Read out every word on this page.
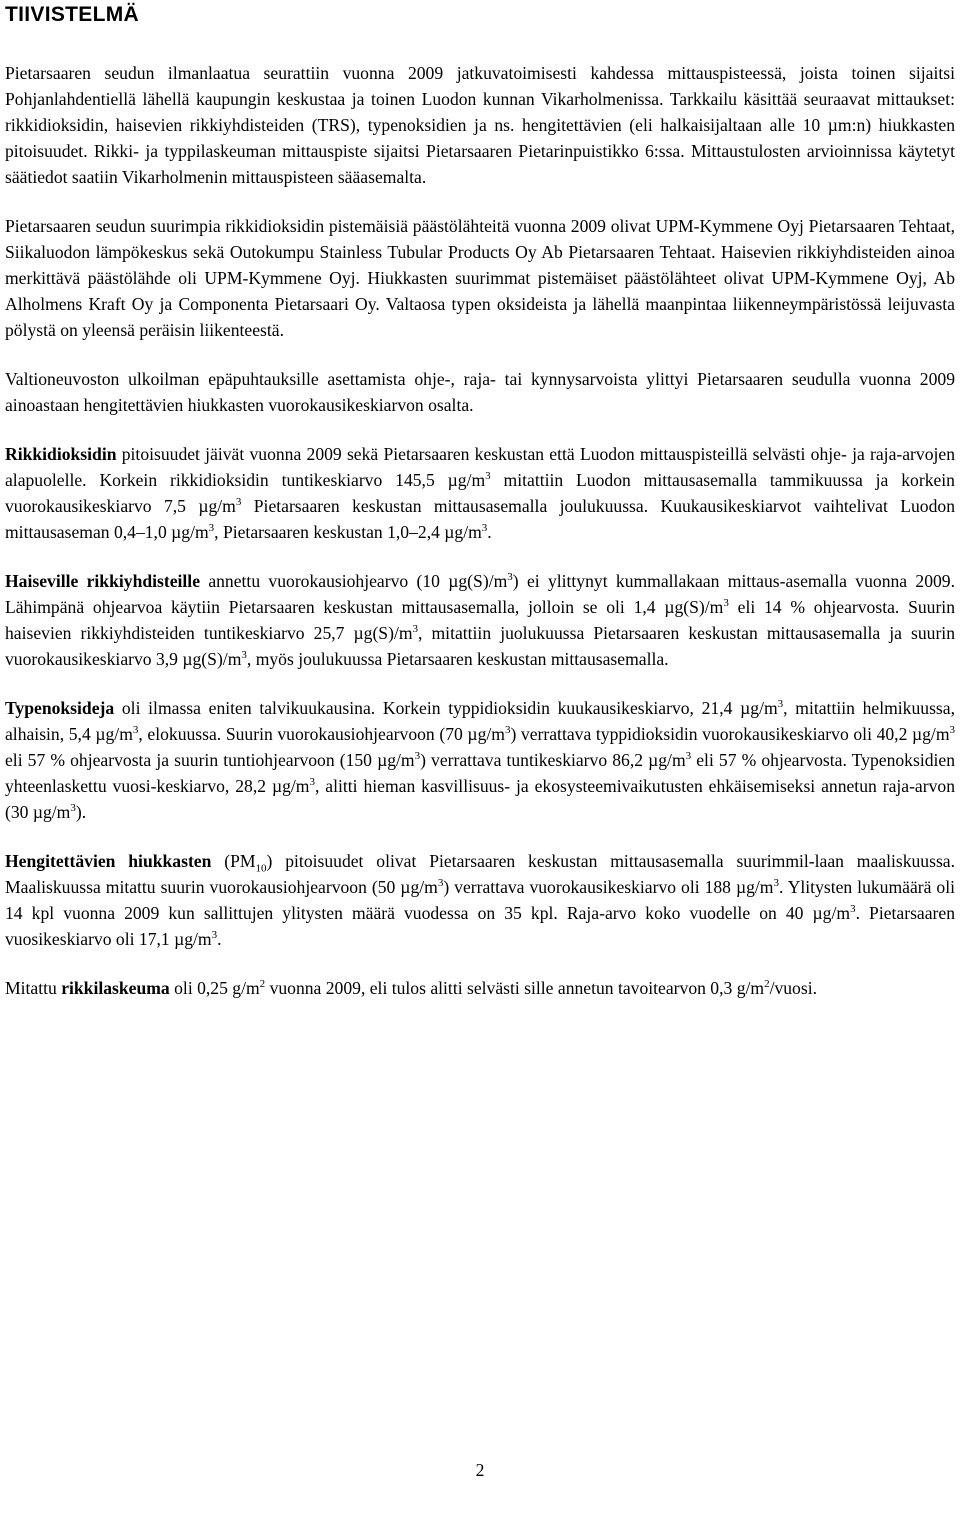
TIIVISTELMÄ

Pietarsaaren seudun ilmanlaatua seurattiin vuonna 2009 jatkuvatoimisesti kahdessa mittauspisteessä, joista toinen sijaitsi Pohjanlahdentiellä lähellä kaupungin keskustaa ja toinen Luodon kunnan Vikarholmenissa. Tarkkailu käsittää seuraavat mittaukset: rikkidioksidin, haisevien rikkiyhdisteiden (TRS), typenoksidien ja ns. hengitettävien (eli halkaisijaltaan alle 10 µm:n) hiukkasten pitoisuudet. Rikki- ja typpilaskeuman mittauspiste sijaitsi Pietarsaaren Pietarinpuistikko 6:ssa. Mittaustulosten arvioinnissa käytetyt säätiedot saatiin Vikarholmenin mittauspisteen sääasemalta.

Pietarsaaren seudun suurimpia rikkidioksidin pistemäisiä päästölähteitä vuonna 2009 olivat UPM-Kymmene Oyj Pietarsaaren Tehtaat, Siikaluodon lämpökeskus sekä Outokumpu Stainless Tubular Products Oy Ab Pietarsaaren Tehtaat. Haisevien rikkiyhdisteiden ainoa merkittävä päästölähde oli UPM-Kymmene Oyj. Hiukkasten suurimmat pistemäiset päästölähteet olivat UPM-Kymmene Oyj, Ab Alholmens Kraft Oy ja Componenta Pietarsaari Oy. Valtaosa typen oksideista ja lähellä maanpintaa liikenneympäristössä leijuvasta pölystä on yleensä peräisin liikenteestä.

Valtioneuvoston ulkoilman epäpuhtauksille asettamista ohje-, raja- tai kynnysarvoista ylittyi Pietarsaaren seudulla vuonna 2009 ainoastaan hengitettävien hiukkasten vuorokausikeskiarvon osalta.

Rikkidioksidin pitoisuudet jäivät vuonna 2009 sekä Pietarsaaren keskustan että Luodon mittauspisteillä selvästi ohje- ja raja-arvojen alapuolelle. Korkein rikkidioksidin tuntikeskiarvo 145,5 $\mu g/m^3$ mitattiin Luodon mittausasemalla tammikuussa ja korkein vuorokausikeskiarvo 7,5 $\mu g/m^3$ Pietarsaaren keskustan mittausasemalla joulukuussa. Kuukausikeskiarvot vaihtelivat Luodon mittausaseman 0,4–1,0 $\mu g/m^3$, Pietarsaaren keskustan 1,0–2,4 $\mu g/m^3$.

Haiseville rikkiyhdisteille annettu vuorokausiohjearvo (10 $\mu g(S)/m^3$) ei ylittynyt kummallakaan mittaus-asemalla vuonna 2009. Lähimpänä ohjearvoa käytiin Pietarsaaren keskustan mittausasemalla, jolloin se oli 1,4 $\mu g(S)/m^3$ eli 14 % ohjearvosta. Suurin haisevien rikkiyhdisteiden tuntikeskiarvo 25,7 $\mu g(S)/m^3$, mitattiin juolukuussa Pietarsaaren keskustan mittausasemalla ja suurin vuorokausikeskiarvo 3,9 $\mu g(S)/m^3$, myös joulukuussa Pietarsaaren keskustan mittausasemalla.

Typenoksideja oli ilmassa eniten talvikuukausina. Korkein typpidioksidin kuukausikeskiarvo, 21,4 $\mu g/m^3$, mitattiin helmikuussa, alhaisin, 5,4 $\mu g/m^3$, elokuussa. Suurin vuorokausiohjearvoon (70 $\mu g/m^3$) verrattava typpidioksidin vuorokausikeskiarvo oli 40,2 $\mu g/m^3$ eli 57 % ohjearvosta ja suurin tuntiohjearvoon (150 $\mu g/m^3$) verrattava tuntikeskiarvo 86,2 $\mu g/m^3$ eli 57 % ohjearvosta. Typenoksidien yhteenlaskettu vuosi-keskiarvo, 28,2 $\mu g/m^3$, alitti hieman kasvillisuus- ja ekosysteemivaikutusten ehkäisemiseksi annetun raja-arvon (30 $\mu g/m^3$).

Hengitettävien hiukkasten $(PM_{10})$ pitoisuudet olivat Pietarsaaren keskustan mittausasemalla suurimmil-laan maaliskuussa. Maaliskuussa mitattu suurin vuorokausiohjearvoon (50 $\mu g/m^3$) verrattava vuorokausikeskiarvo oli 188 $\mu g/m^3$. Ylitysten lukumäärä oli 14 kpl vuonna 2009 kun sallittujen ylitysten määrä vuodessa on 35 kpl. Raja-arvo koko vuodelle on 40 $\mu g/m^3$. Pietarsaaren vuosikeskiarvo oli 17,1 $\mu g/m^3$.

Mitattu rikkilaskeuma oli 0,25 $g/m^2$ vuonna 2009, eli tulos alitti selvästi sille annetun tavoitearvon 0,3 $g/m^2$/vuosi.

2
